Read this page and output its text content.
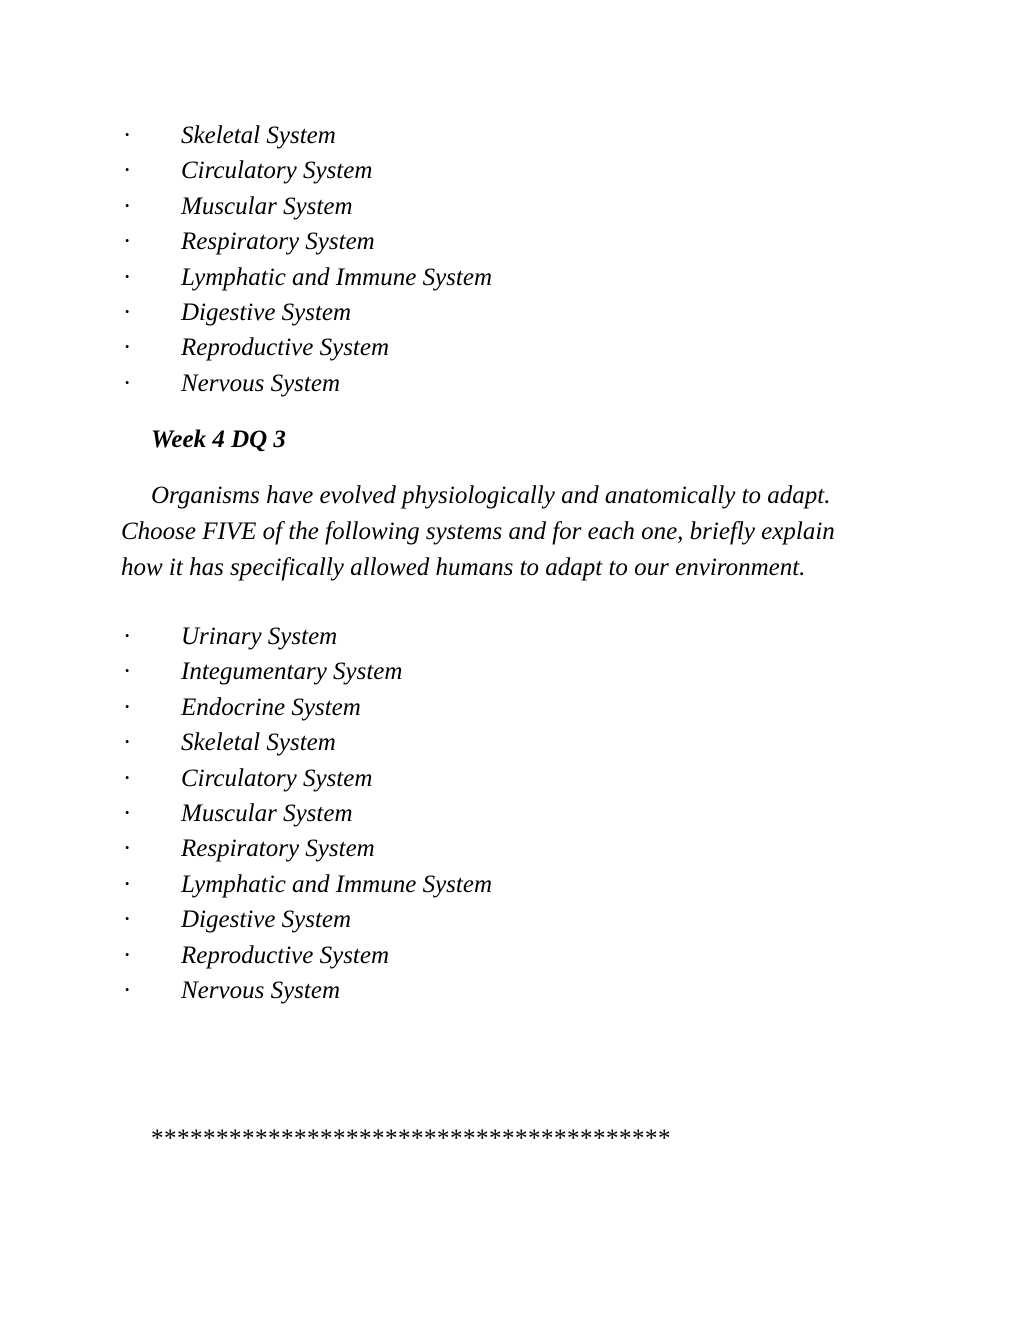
· Skeletal System
· Circulatory System
· Muscular System
· Respiratory System
· Lymphatic and Immune System
· Digestive System
· Reproductive System
· Nervous System
Week 4 DQ 3
Organisms have evolved physiologically and anatomically to adapt.
Choose FIVE of the following systems and for each one, briefly explain
how it has specifically allowed humans to adapt to our environment.
· Urinary System
· Integumentary System
· Endocrine System
· Skeletal System
· Circulatory System
· Muscular System
· Respiratory System
· Lymphatic and Immune System
· Digestive System
· Reproductive System
· Nervous System
****************************************
